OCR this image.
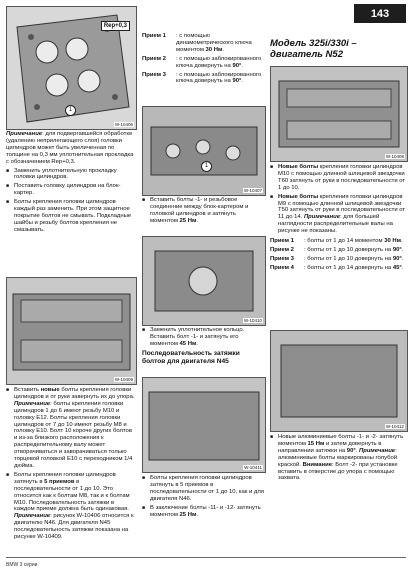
143
Rep+0,3
1
W-10406

Примечание: для подвергавшейся обработке (удалению неприлегающего слоя) головки цилиндров может быть увеличенная по толщине на 0,3 мм уплотнительная прокладка с обозначением Rep+0,3.

■ Заменить уплотнительную прокладку головки цилиндров.

■ Поставить головку цилиндров на блок-картер.

■ Болты крепления головки цилиндров каждый раз заменить. При этом защитное покрытие болтов не смывать. Подкладные шайбы и резьбу болтов крепления не смазывать.

W-10409

■ Вставить новые болты крепления головки цилиндров и от руки завернуть их до упора. Примечание: болты крепления головки цилиндров 1 до 6 имеют резьбу М10 и головку E12. Болты крепления головки цилиндров от 7 до 10 имеют резьбу М8 и головку E10. Болт 10 короче других болтов и из-за близкого расположения к распределительному валу может отворачиваться и заворачиваться только торцевой головкой E10 с переходником 1/4 дюйма.

■ Болты крепления головки цилиндров затянуть в 5 приемов в последовательности от 1 до 10. Это относится как к болтам М8, так и к болтам М10. Последовательность затяжки в каждом приеме должна быть одинаковая. Примечание: рисунок W-10406 относится к двигателю N46. Для двигателя N45 последовательность затяжки показана на рисунке W-10409.

Прием 1 : с помощью динамометрического ключа моментом 30 Нм.

Прием 2 : с помощью заблокированного ключа довернуть на 90°.

Прием 3 : с помощью заблокированного ключа довернуть на 90°.

1
W-10407

■ Вставить болты -1- и резьбовое соединение между блок-картером и головкой цилиндров и затянуть моментом 25 Нм.

W-10410

■ Заменить уплотнительное кольцо. Вставить болт -1- и затянуть его моментом 45 Нм.

Последовательность затяжки болтов для двигателя N45
W-10411

■ Болты крепления головки цилиндров затянуть в 5 приемов в последовательности от 1 до 10, как и для двигателя N46.

■ В заключение болты -11- и -12- затянуть моментом 25 Нм.

Модель 325i/330i – двигатель N52
W-10408

■ Новые болты крепления головки цилиндров М10 с помощью длинной шлицевой звездочки T60 затянуть от руки в последовательности от 1 до 10.

■ Новые болты крепления головки цилиндров М9 с помощью длинной шлицевой звездочки T50 затянуть от руки в последовательности от 11 до 14. Примечание: для большей наглядности распределительные валы на рисунке не показаны.

Прием 1 : болты от 1 до 14 моментом 30 Нм.

Прием 2 : болты от 1 до 10 довернуть на 90°.

Прием 3 : болты от 1 до 10 довернуть на 90°.

Прием 4 : болты от 1 до 14 довернуть на 45°.

W-10412

■ Новые алюминиевые болты -1- и -2- затянуть моментом 15 Нм и затем довернуть в направлении затяжки на 90°. Примечание: алюминиевые болты маркированы голубой краской. Внимание: Болт -2- при установке вставить в отверстие до упора с помощью захвата.

BMW 3 серии
